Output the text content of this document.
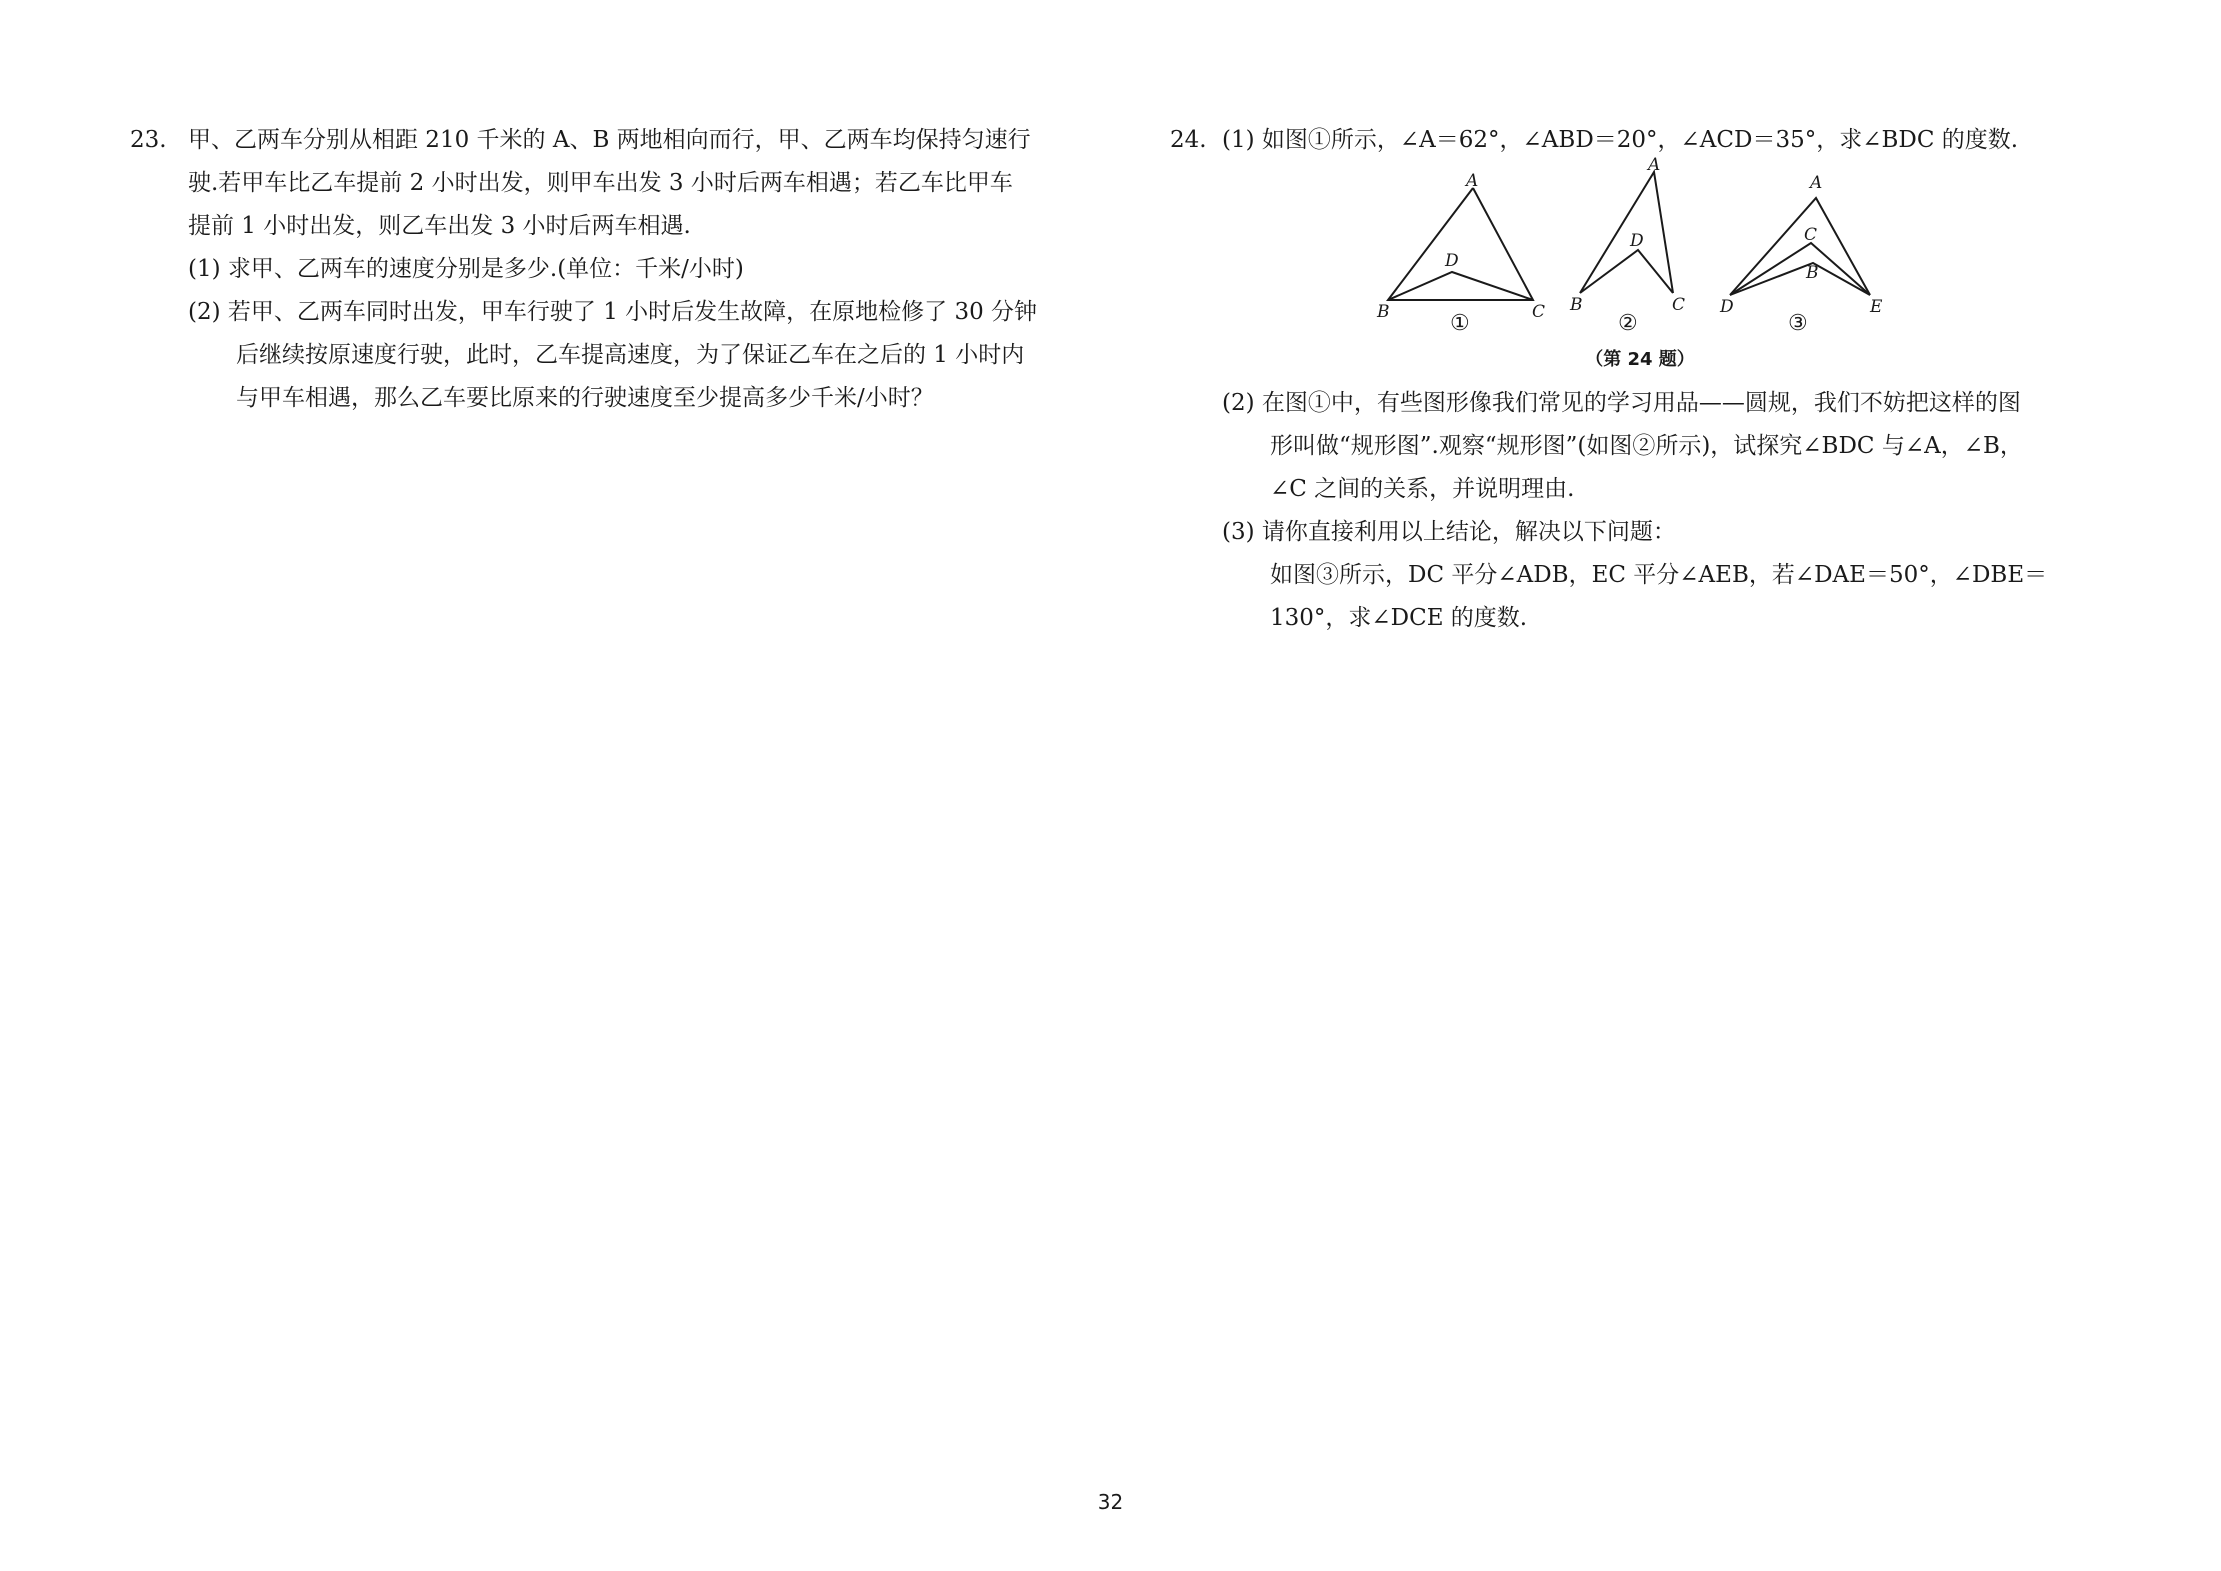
23. 甲、乙两车分别从相距 210 千米的 A、B 两地相向而行，甲、乙两车均保持匀速行
驶.若甲车比乙车提前 2 小时出发，则甲车出发 3 小时后两车相遇；若乙车比甲车
提前 1 小时出发，则乙车出发 3 小时后两车相遇.
(1) 求甲、乙两车的速度分别是多少.(单位：千米/小时)
(2) 若甲、乙两车同时出发，甲车行驶了 1 小时后发生故障，在原地检修了 30 分钟
后继续按原速度行驶，此时，乙车提高速度，为了保证乙车在之后的 1 小时内
与甲车相遇，那么乙车要比原来的行驶速度至少提高多少千米/小时？
24. (1) 如图①所示，∠A＝62°，∠ABD＝20°，∠ACD＝35°，求∠BDC 的度数.
A
B	C
D
A
B	C
D
A
B
C
D	E
①	②	③
（第 24 题）
(2) 在图①中，有些图形像我们常见的学习用品——圆规，我们不妨把这样的图
形叫做“规形图”.观察“规形图”(如图②所示)，试探究∠BDC 与∠A，∠B，
∠C 之间的关系，并说明理由.
(3) 请你直接利用以上结论，解决以下问题：
如图③所示，DC 平分∠ADB，EC 平分∠AEB，若∠DAE＝50°，∠DBE＝
130°，求∠DCE 的度数.
32
